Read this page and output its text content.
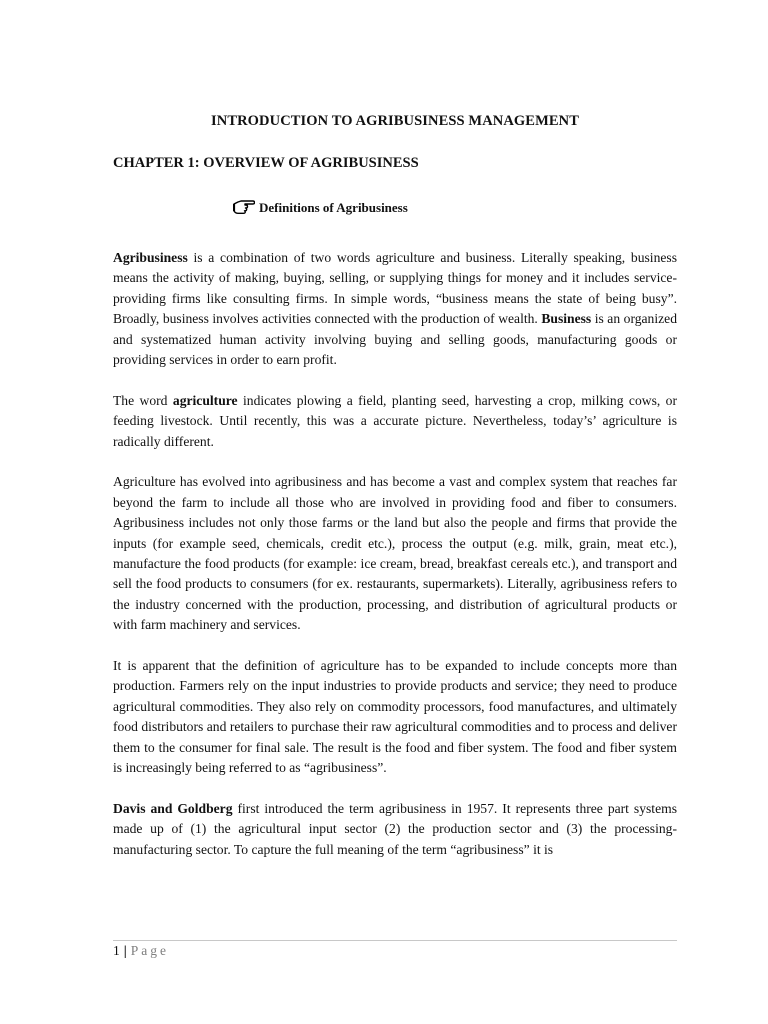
INTRODUCTION TO AGRIBUSINESS MANAGEMENT
CHAPTER 1: OVERVIEW OF AGRIBUSINESS
Definitions of Agribusiness

Agribusiness is a combination of two words agriculture and business. Literally speaking, business means the activity of making, buying, selling, or supplying things for money and it includes service-providing firms like consulting firms. In simple words, “business means the state of being busy”. Broadly, business involves activities connected with the production of wealth. Business is an organized and systematized human activity involving buying and selling goods, manufacturing goods or providing services in order to earn profit.

The word agriculture indicates plowing a field, planting seed, harvesting a crop, milking cows, or feeding livestock. Until recently, this was a accurate picture. Nevertheless, today’s’ agriculture is radically different.

Agriculture has evolved into agribusiness and has become a vast and complex system that reaches far beyond the farm to include all those who are involved in providing food and fiber to consumers. Agribusiness includes not only those farms or the land but also the people and firms that provide the inputs (for example seed, chemicals, credit etc.), process the output (e.g. milk, grain, meat etc.), manufacture the food products (for example: ice cream, bread, breakfast cereals etc.), and transport and sell the food products to consumers (for ex. restaurants, supermarkets). Literally, agribusiness refers to the industry concerned with the production, processing, and distribution of agricultural products or with farm machinery and services.

It is apparent that the definition of agriculture has to be expanded to include concepts more than production. Farmers rely on the input industries to provide products and service; they need to produce agricultural commodities. They also rely on commodity processors, food manufactures, and ultimately food distributors and retailers to purchase their raw agricultural commodities and to process and deliver them to the consumer for final sale. The result is the food and fiber system. The food and fiber system is increasingly being referred to as “agribusiness”.

Davis and Goldberg first introduced the term agribusiness in 1957. It represents three part systems made up of (1) the agricultural input sector (2) the production sector and (3) the processing-manufacturing sector. To capture the full meaning of the term “agribusiness” it is

1 | Page
